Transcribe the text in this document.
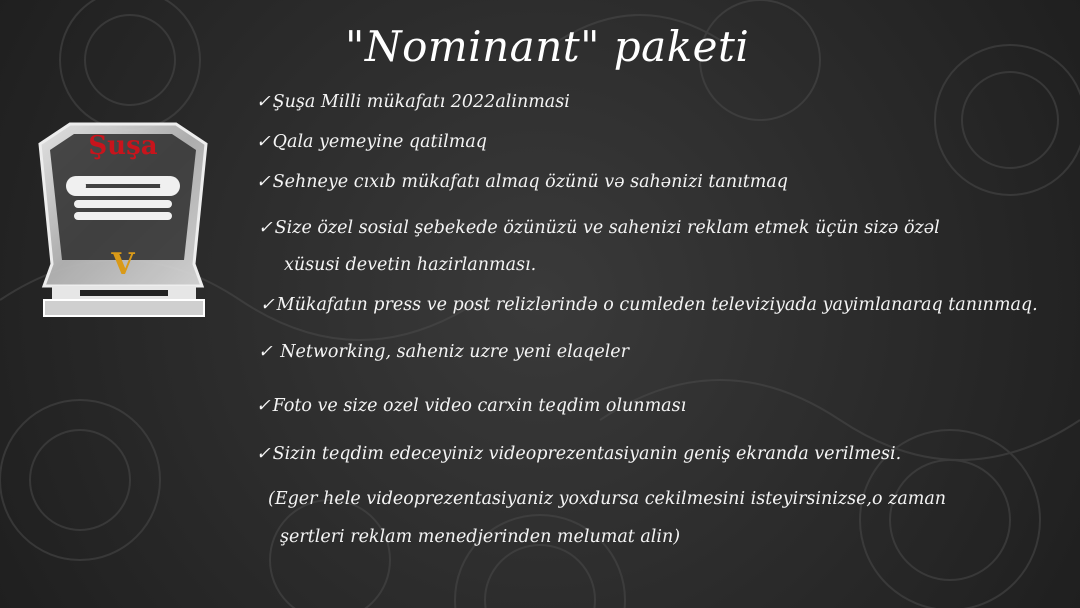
"Nominant" paketi
Şuşa
V
✓ Şuşa Milli mükafatı 2022alinmasi
✓ Qala yemeyine qatilmaq
✓ Sehneye cıxıb mükafatı almaq özünü və sahənizi tanıtmaq
✓ Size özel sosial şebekede özünüzü ve sahenizi reklam etmek üçün sizə özəl
xüsusi devetin hazirlanması.
✓ Mükafatın press ve post relizlərində o cumleden televiziyada yayimlanaraq tanınmaq.
✓ Networking, saheniz uzre yeni elaqeler
✓ Foto ve size ozel video carxin teqdim olunması
✓ Sizin teqdim edeceyiniz videoprezentasiyanin geniş ekranda verilmesi.
(Eger hele videoprezentasiyaniz yoxdursa cekilmesini isteyirsinizse,o zaman
şertleri reklam menedjerinden melumat alin)
